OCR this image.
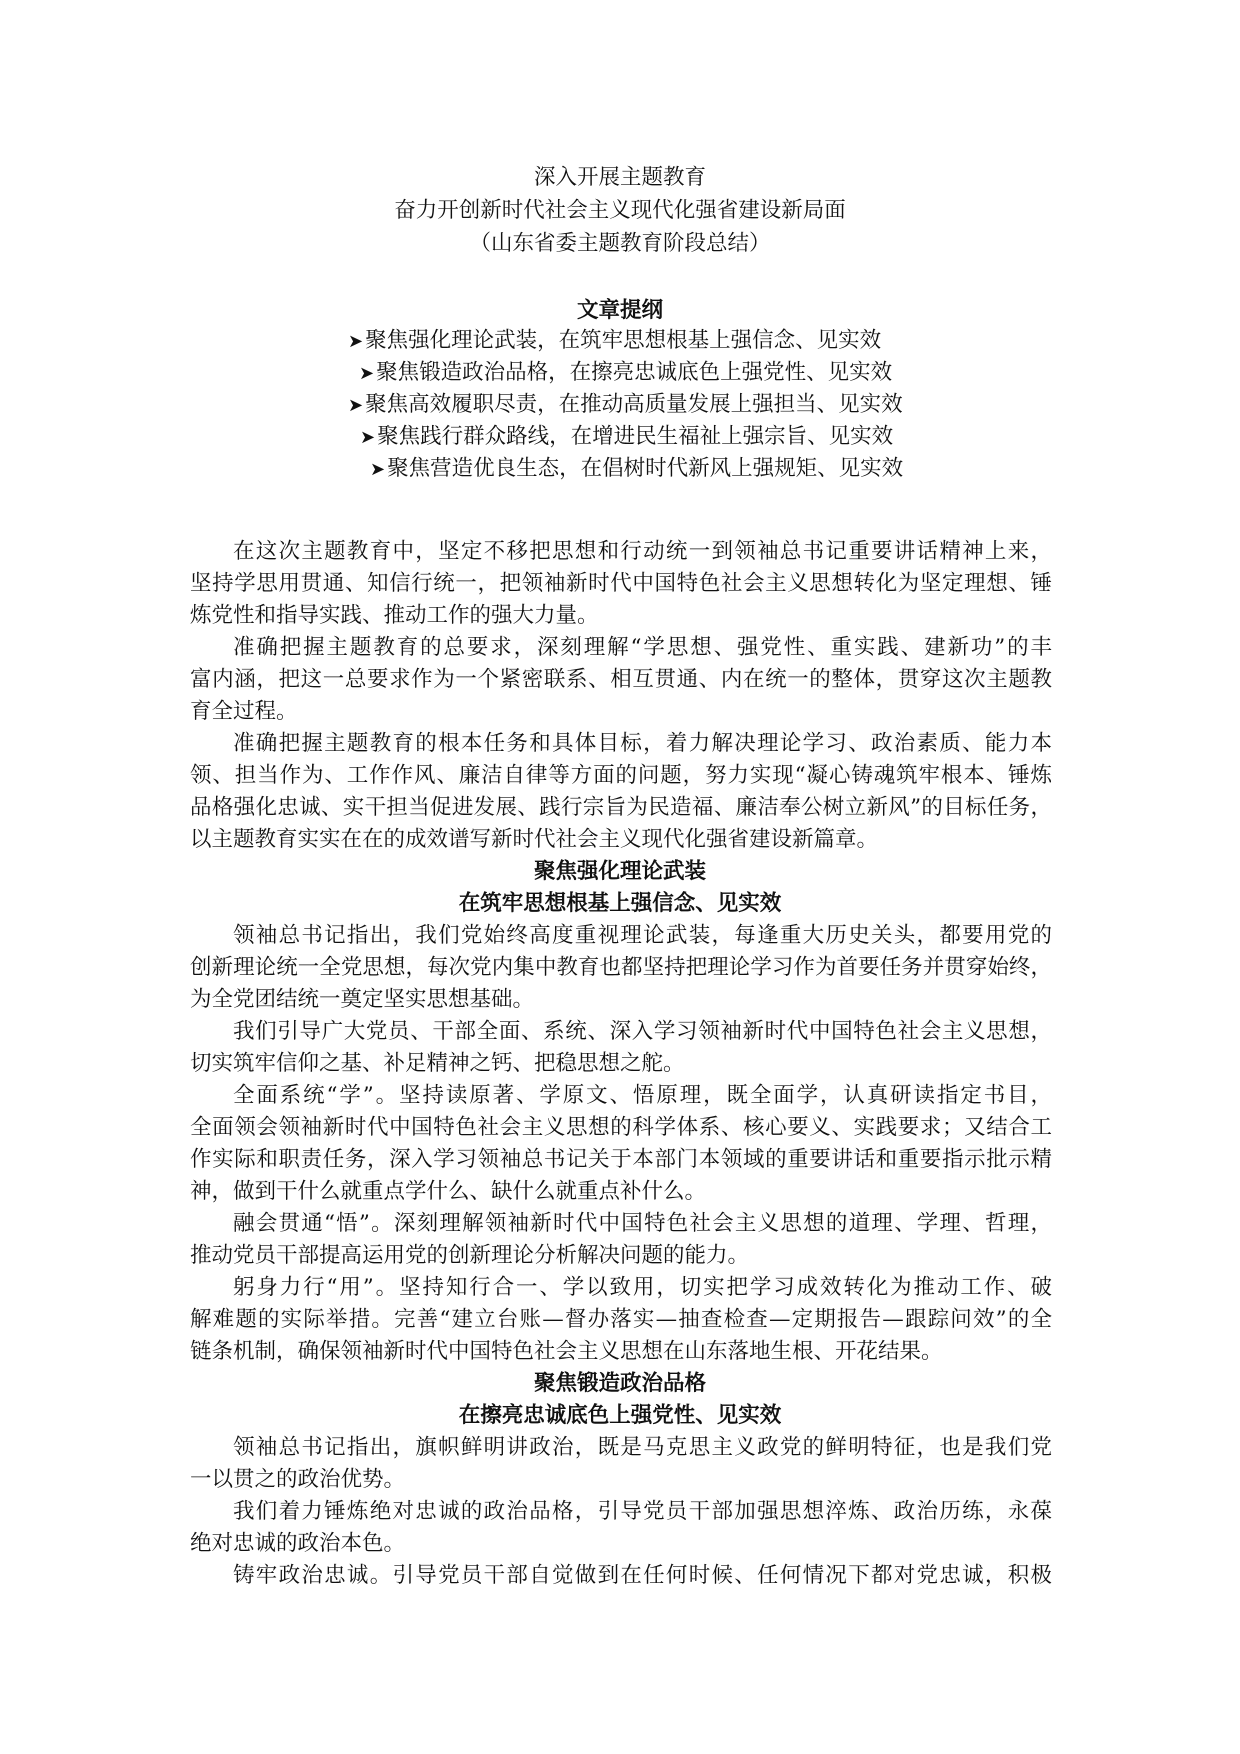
深入开展主题教育
奋力开创新时代社会主义现代化强省建设新局面
（山东省委主题教育阶段总结）
文章提纲
➤聚焦强化理论武装，在筑牢思想根基上强信念、见实效
➤聚焦锻造政治品格，在擦亮忠诚底色上强党性、见实效
➤聚焦高效履职尽责，在推动高质量发展上强担当、见实效
➤聚焦践行群众路线，在增进民生福祉上强宗旨、见实效
➤聚焦营造优良生态，在倡树时代新风上强规矩、见实效
在这次主题教育中，坚定不移把思想和行动统一到领袖总书记重要讲话精神上来，
坚持学思用贯通、知信行统一，把领袖新时代中国特色社会主义思想转化为坚定理想、锤
炼党性和指导实践、推动工作的强大力量。
准确把握主题教育的总要求，深刻理解“学思想、强党性、重实践、建新功”的丰
富内涵，把这一总要求作为一个紧密联系、相互贯通、内在统一的整体，贯穿这次主题教
育全过程。
准确把握主题教育的根本任务和具体目标，着力解决理论学习、政治素质、能力本
领、担当作为、工作作风、廉洁自律等方面的问题，努力实现“凝心铸魂筑牢根本、锤炼
品格强化忠诚、实干担当促进发展、践行宗旨为民造福、廉洁奉公树立新风”的目标任务，
以主题教育实实在在的成效谱写新时代社会主义现代化强省建设新篇章。
聚焦强化理论武装
在筑牢思想根基上强信念、见实效
领袖总书记指出，我们党始终高度重视理论武装，每逢重大历史关头，都要用党的
创新理论统一全党思想，每次党内集中教育也都坚持把理论学习作为首要任务并贯穿始终，
为全党团结统一奠定坚实思想基础。
我们引导广大党员、干部全面、系统、深入学习领袖新时代中国特色社会主义思想，
切实筑牢信仰之基、补足精神之钙、把稳思想之舵。
全面系统“学”。坚持读原著、学原文、悟原理，既全面学，认真研读指定书目，
全面领会领袖新时代中国特色社会主义思想的科学体系、核心要义、实践要求；又结合工
作实际和职责任务，深入学习领袖总书记关于本部门本领域的重要讲话和重要指示批示精
神，做到干什么就重点学什么、缺什么就重点补什么。
融会贯通“悟”。深刻理解领袖新时代中国特色社会主义思想的道理、学理、哲理，
推动党员干部提高运用党的创新理论分析解决问题的能力。
躬身力行“用”。坚持知行合一、学以致用，切实把学习成效转化为推动工作、破
解难题的实际举措。完善“建立台账—督办落实—抽查检查—定期报告—跟踪问效”的全
链条机制，确保领袖新时代中国特色社会主义思想在山东落地生根、开花结果。
聚焦锻造政治品格
在擦亮忠诚底色上强党性、见实效
领袖总书记指出，旗帜鲜明讲政治，既是马克思主义政党的鲜明特征，也是我们党
一以贯之的政治优势。
我们着力锤炼绝对忠诚的政治品格，引导党员干部加强思想淬炼、政治历练，永葆
绝对忠诚的政治本色。
铸牢政治忠诚。引导党员干部自觉做到在任何时候、任何情况下都对党忠诚，积极
